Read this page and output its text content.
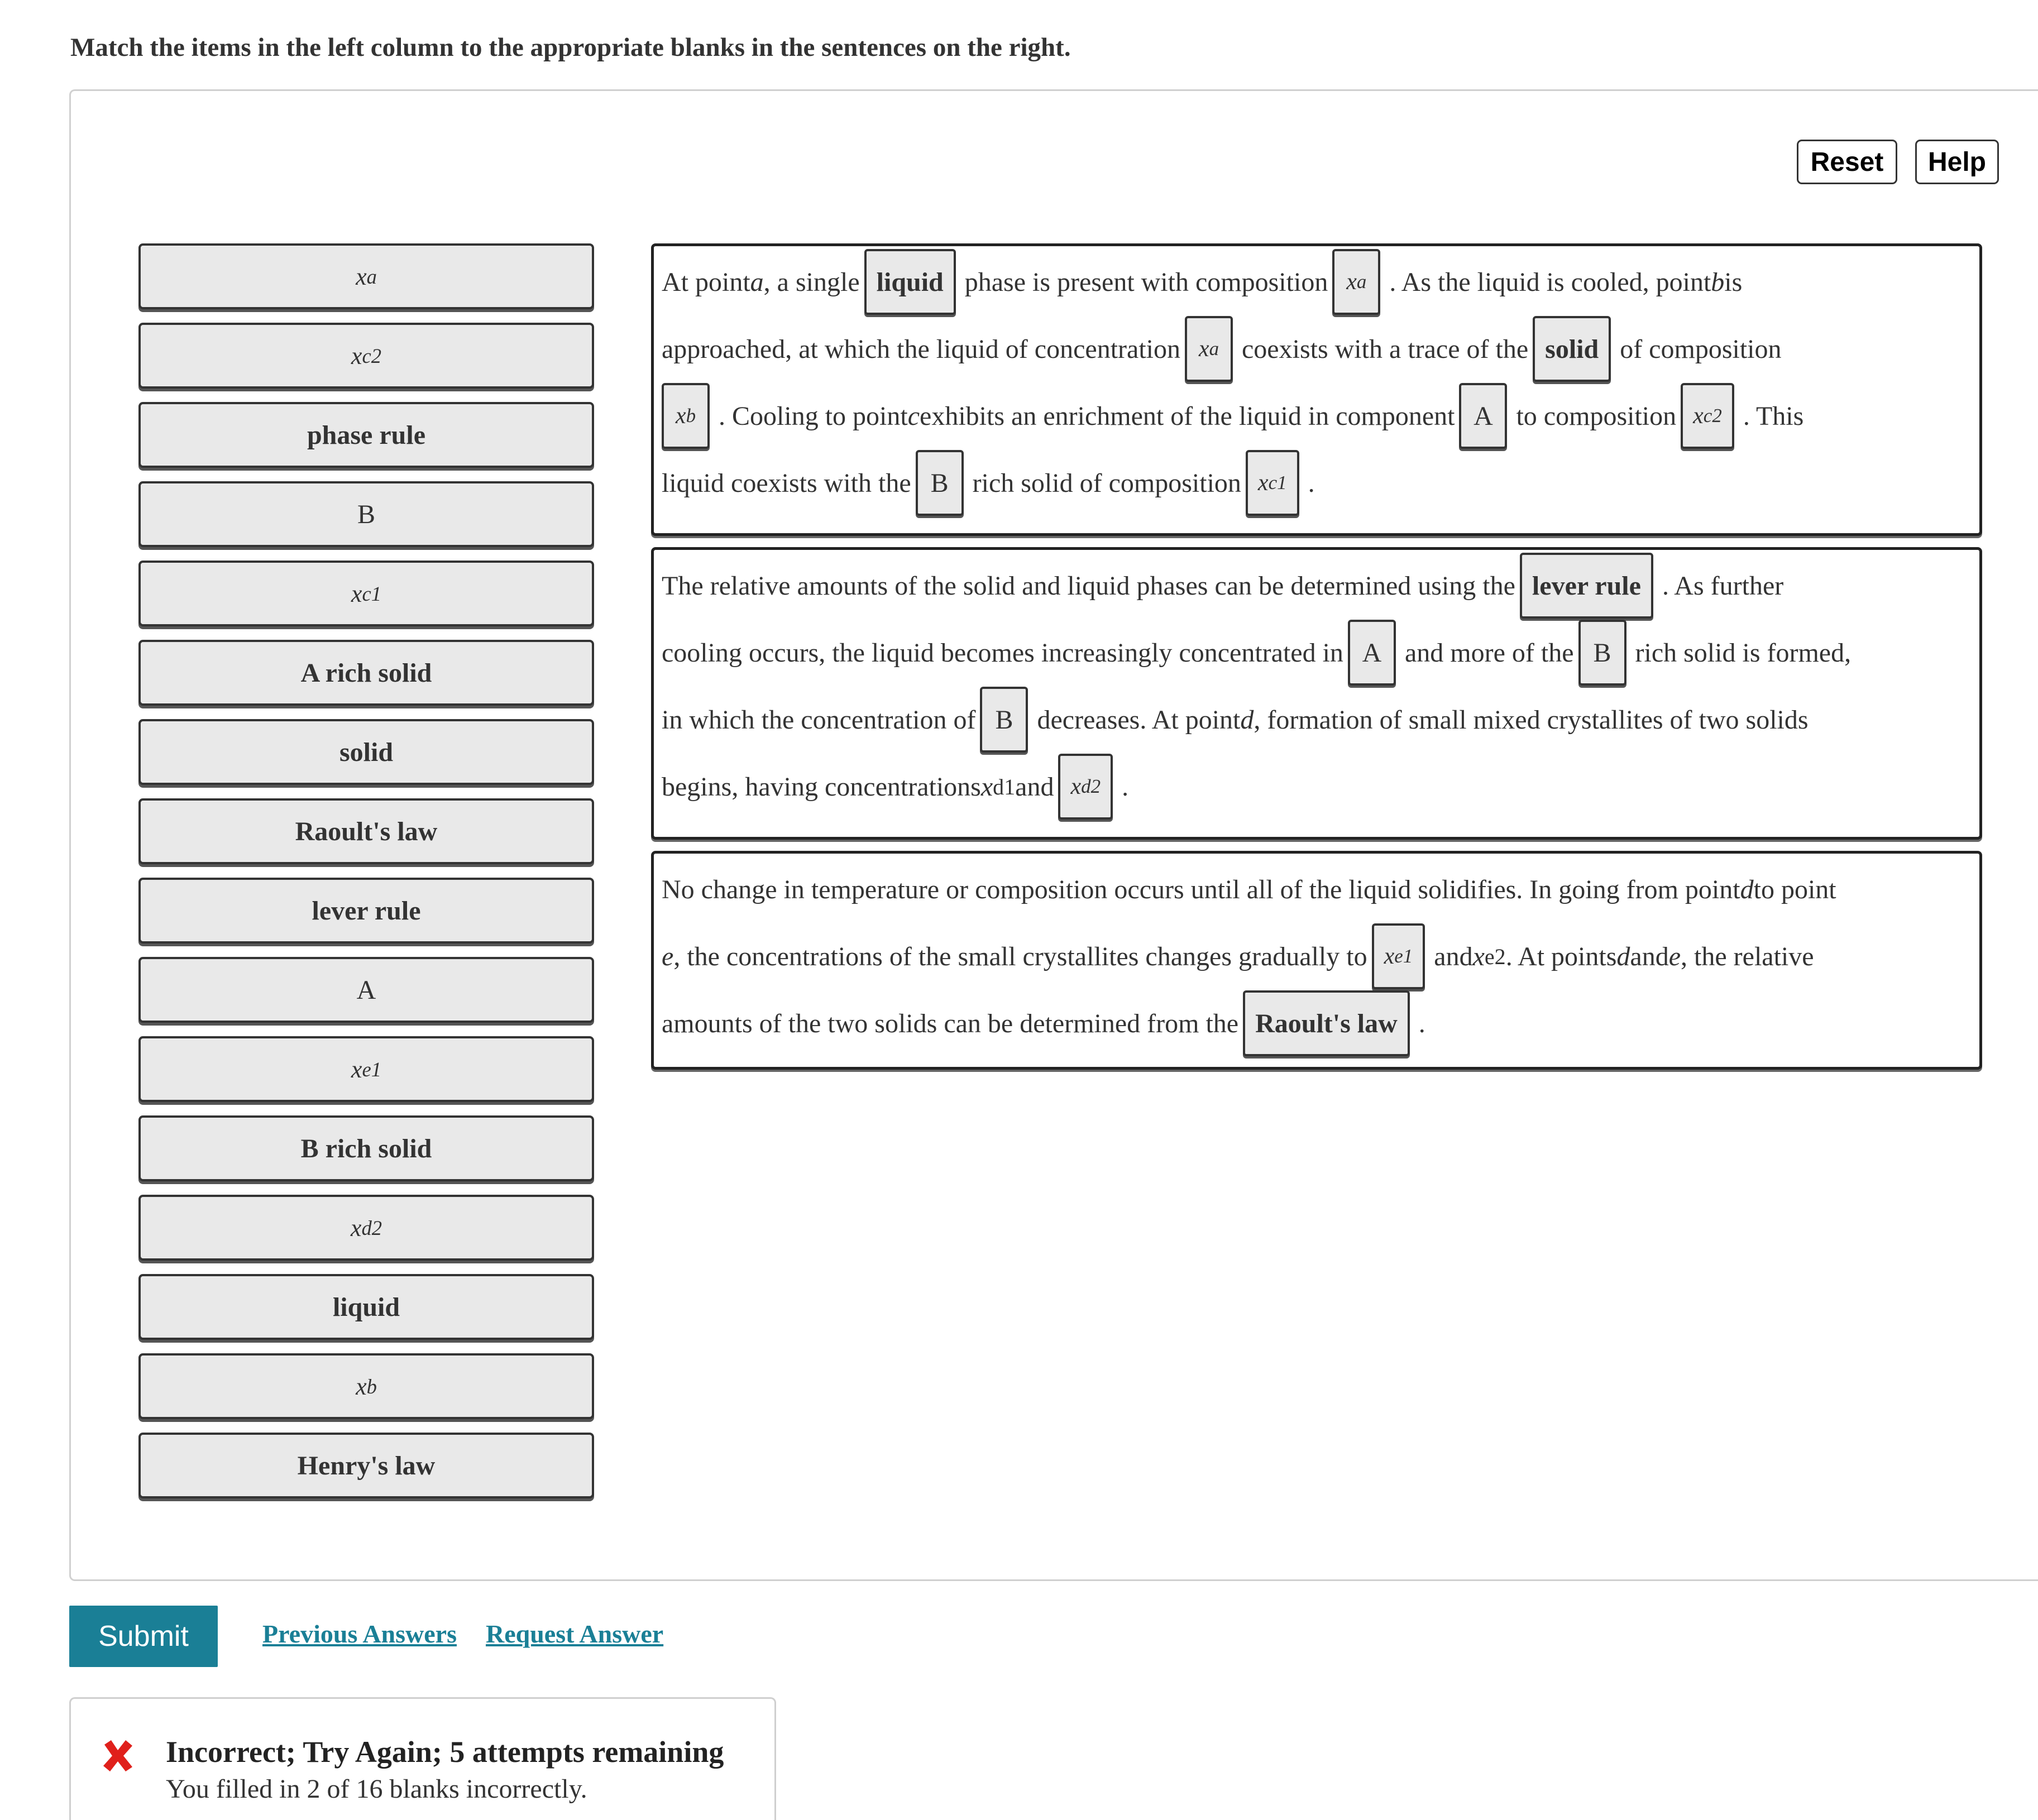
Match the items in the left column to the appropriate blanks in the sentences on the right.
Reset	Help
x a
x c2
phase rule
B
x c1
A rich solid
solid
Raoult's law
lever rule
A
x e1
B rich solid
x d2
liquid
x b
Henry's law
At point a , a single liquid phase is present with composition x a . As the liquid is cooled, point b is
approached, at which the liquid of concentration x a coexists with a trace of the solid of composition
x b . Cooling to point c exhibits an enrichment of the liquid in component A to composition x c2 . This
liquid coexists with the B rich solid of composition x c1 .
The relative amounts of the solid and liquid phases can be determined using the lever rule . As further
cooling occurs, the liquid becomes increasingly concentrated in A and more of the B rich solid is formed,
in which the concentration of B decreases. At point d , formation of small mixed crystallites of two solids
begins, having concentrations x d1 and x d2 .
No change in temperature or composition occurs until all of the liquid solidifies. In going from point d to point
e , the concentrations of the small crystallites changes gradually to x e1 and x e2 . At points d and e , the relative
amounts of the two solids can be determined from the Raoult's law .
Submit	Previous Answers Request Answer
Incorrect; Try Again; 5 attempts remaining
You filled in 2 of 16 blanks incorrectly.
